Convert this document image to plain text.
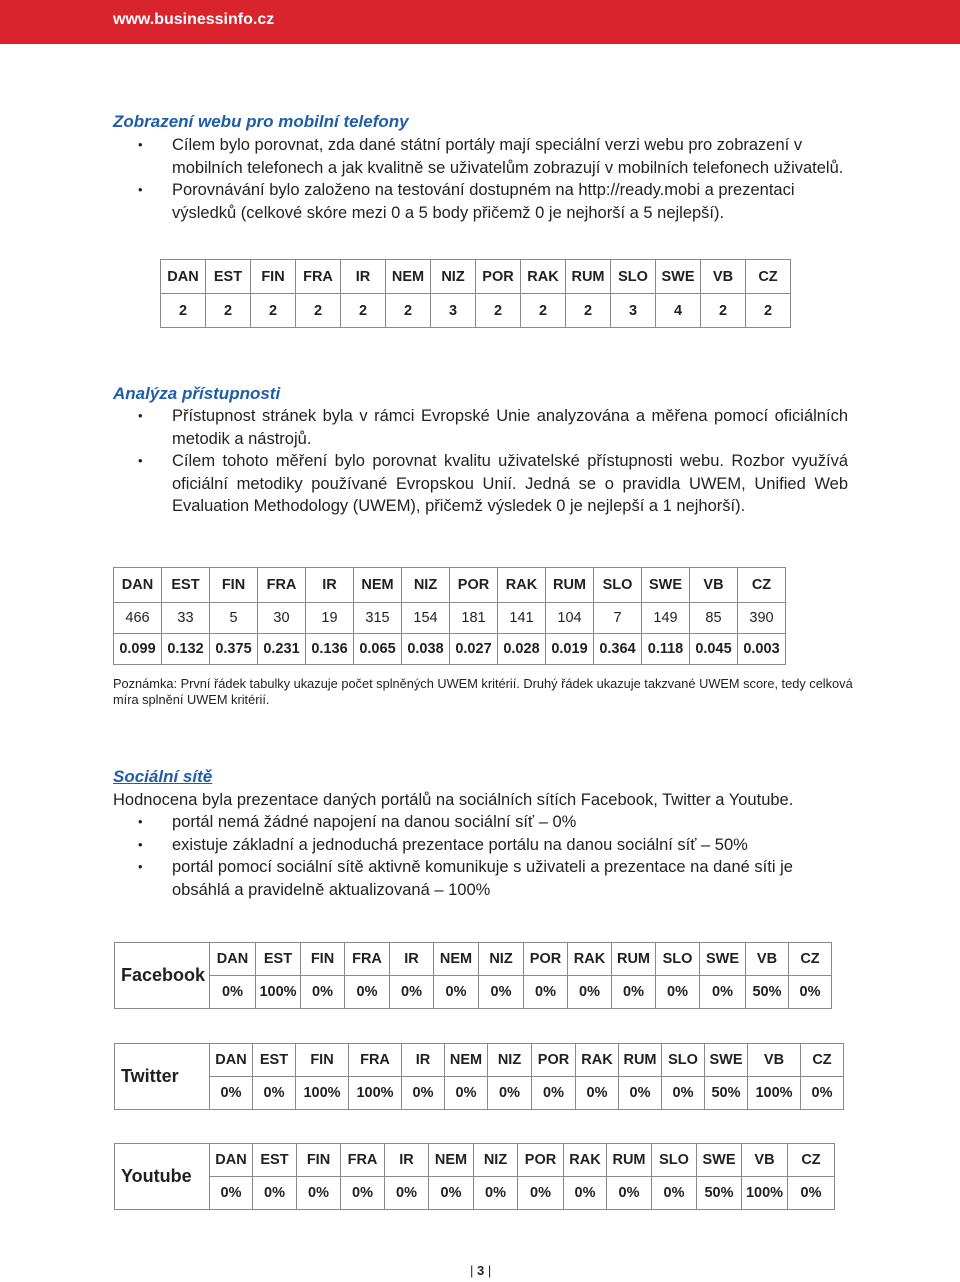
www.businessinfo.cz
Zobrazení webu pro mobilní telefony
• Cílem bylo porovnat, zda dané státní portály mají speciální verzi webu pro zobrazení v mobilních telefonech a jak kvalitně se uživatelům zobrazují v mobilních telefonech uživatelů.
• Porovnávání bylo založeno na testování dostupném na http://ready.mobi a prezentaci výsledků (celkové skóre mezi 0 a 5 body přičemž 0 je nejhorší a 5 nejlepší).
DAN	EST	FIN	FRA	IR	NEM	NIZ	POR	RAK	RUM	SLO	SWE	VB	CZ
2	2	2	2	2	2	3	2	2	2	3	4	2	2
Analýza přístupnosti
• Přístupnost stránek byla v rámci Evropské Unie analyzována a měřena pomocí oficiálních metodik a nástrojů.
• Cílem tohoto měření bylo porovnat kvalitu uživatelské přístupnosti webu. Rozbor využívá oficiální metodiky používané Evropskou Unií. Jedná se o pravidla UWEM, Unified Web Evaluation Methodology (UWEM), přičemž výsledek 0 je nejlepší a 1 nejhorší).
DAN	EST	FIN	FRA	IR	NEM	NIZ	POR	RAK	RUM	SLO	SWE	VB	CZ
466	33	5	30	19	315	154	181	141	104	7	149	85	390
0.099	0.132	0.375	0.231	0.136	0.065	0.038	0.027	0.028	0.019	0.364	0.118	0.045	0.003
Poznámka: První řádek tabulky ukazuje počet splněných UWEM kritérií. Druhý řádek ukazuje takzvané UWEM score, tedy celková míra splnění UWEM kritérií.
Sociální sítě
Hodnocena byla prezentace daných portálů na sociálních sítích Facebook, Twitter a Youtube.
• portál nemá žádné napojení na danou sociální síť – 0%
• existuje základní a jednoduchá prezentace portálu na danou sociální síť – 50%
• portál pomocí sociální sítě aktivně komunikuje s uživateli a prezentace na dané síti je obsáhlá a pravidelně aktualizovaná – 100%
Facebook	DAN	EST	FIN	FRA	IR	NEM	NIZ	POR	RAK	RUM	SLO	SWE	VB	CZ
	0%	100%	0%	0%	0%	0%	0%	0%	0%	0%	0%	0%	50%	0%
Twitter	DAN	EST	FIN	FRA	IR	NEM	NIZ	POR	RAK	RUM	SLO	SWE	VB	CZ
	0%	0%	100%	100%	0%	0%	0%	0%	0%	0%	0%	50%	100%	0%
Youtube	DAN	EST	FIN	FRA	IR	NEM	NIZ	POR	RAK	RUM	SLO	SWE	VB	CZ
	0%	0%	0%	0%	0%	0%	0%	0%	0%	0%	0%	50%	100%	0%
| 3 |
